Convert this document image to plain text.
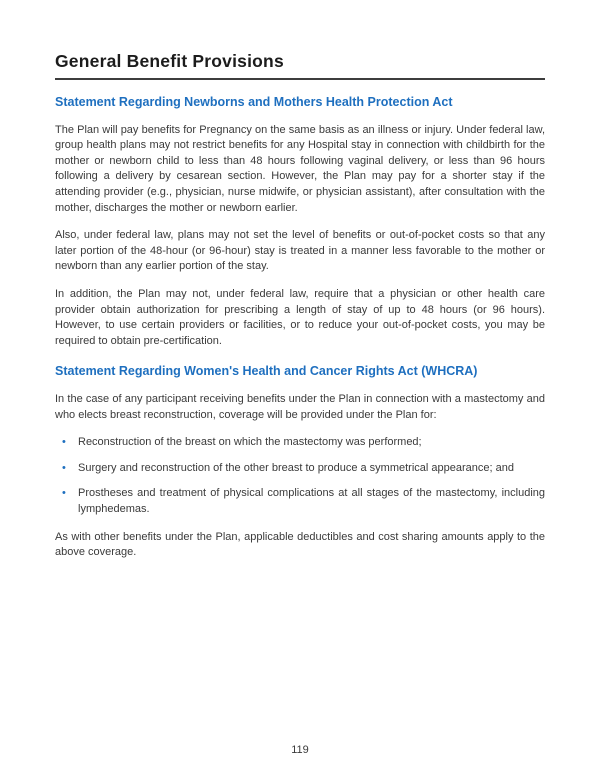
General Benefit Provisions
Statement Regarding Newborns and Mothers Health Protection Act

The Plan will pay benefits for Pregnancy on the same basis as an illness or injury. Under federal law, group health plans may not restrict benefits for any Hospital stay in connection with childbirth for the mother or newborn child to less than 48 hours following vaginal delivery, or less than 96 hours following a delivery by cesarean section. However, the Plan may pay for a shorter stay if the attending provider (e.g., physician, nurse midwife, or physician assistant), after consultation with the mother, discharges the mother or newborn earlier.

Also, under federal law, plans may not set the level of benefits or out-of-pocket costs so that any later portion of the 48-hour (or 96-hour) stay is treated in a manner less favorable to the mother or newborn than any earlier portion of the stay.

In addition, the Plan may not, under federal law, require that a physician or other health care provider obtain authorization for prescribing a length of stay of up to 48 hours (or 96 hours). However, to use certain providers or facilities, or to reduce your out-of-pocket costs, you may be required to obtain pre-certification.

Statement Regarding Women's Health and Cancer Rights Act (WHCRA)

In the case of any participant receiving benefits under the Plan in connection with a mastectomy and who elects breast reconstruction, coverage will be provided under the Plan for:

•	Reconstruction of the breast on which the mastectomy was performed;
•	Surgery and reconstruction of the other breast to produce a symmetrical appearance; and
•	Prostheses and treatment of physical complications at all stages of the mastectomy, including lymphedemas.

As with other benefits under the Plan, applicable deductibles and cost sharing amounts apply to the above coverage.

119
